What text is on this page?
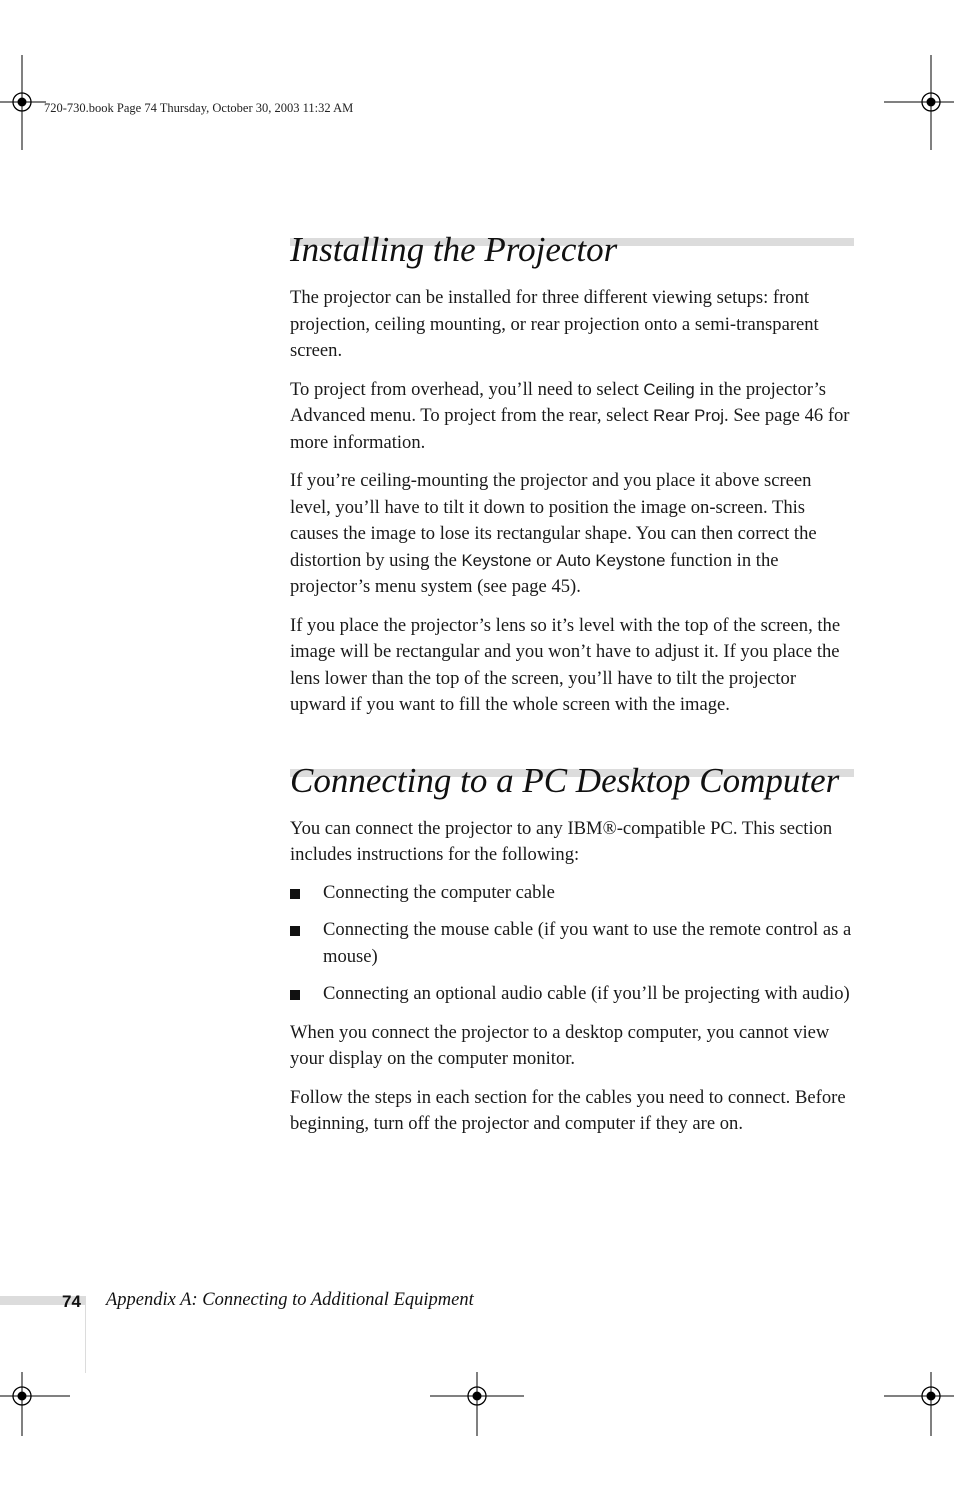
720-730.book Page 74 Thursday, October 30, 2003 11:32 AM
Installing the Projector

The projector can be installed for three different viewing setups: front projection, ceiling mounting, or rear projection onto a semi-transparent screen.

To project from overhead, you’ll need to select Ceiling in the projector’s Advanced menu. To project from the rear, select Rear Proj. See page 46 for more information.

If you’re ceiling-mounting the projector and you place it above screen level, you’ll have to tilt it down to position the image on-screen. This causes the image to lose its rectangular shape. You can then correct the distortion by using the Keystone or Auto Keystone function in the projector’s menu system (see page 45).

If you place the projector’s lens so it’s level with the top of the screen, the image will be rectangular and you won’t have to adjust it. If you place the lens lower than the top of the screen, you’ll have to tilt the projector upward if you want to fill the whole screen with the image.

Connecting to a PC Desktop Computer

You can connect the projector to any IBM®-compatible PC. This section includes instructions for the following:

Connecting the computer cable
Connecting the mouse cable (if you want to use the remote control as a mouse)
Connecting an optional audio cable (if you’ll be projecting with audio)

When you connect the projector to a desktop computer, you cannot view your display on the computer monitor.

Follow the steps in each section for the cables you need to connect. Before beginning, turn off the projector and computer if they are on.

74 Appendix A: Connecting to Additional Equipment
